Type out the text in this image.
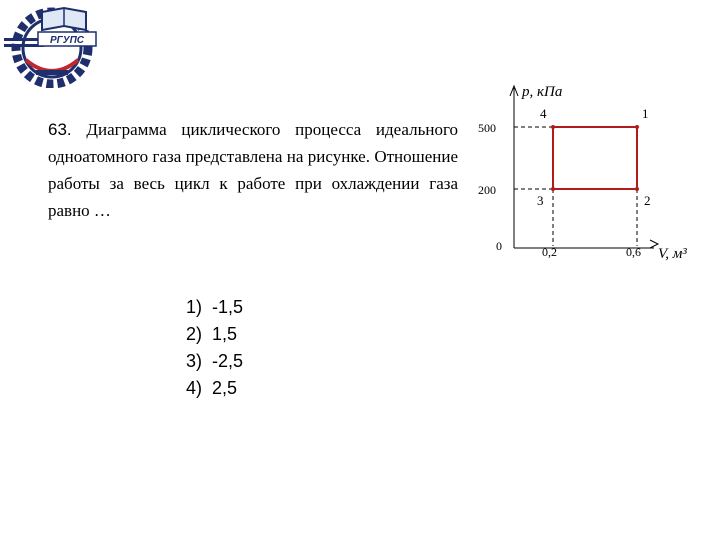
РГУПС
63. Диаграмма циклического процесса идеального одноатомного газа представлена на рисунке. Отношение работы за весь цикл к работе при охлаждении газа равно …
1
2
3
4
500
200
0	0,2	0,6
p, кПа
V, м³
1)  -1,5
2)  1,5
3)  -2,5
4)  2,5
